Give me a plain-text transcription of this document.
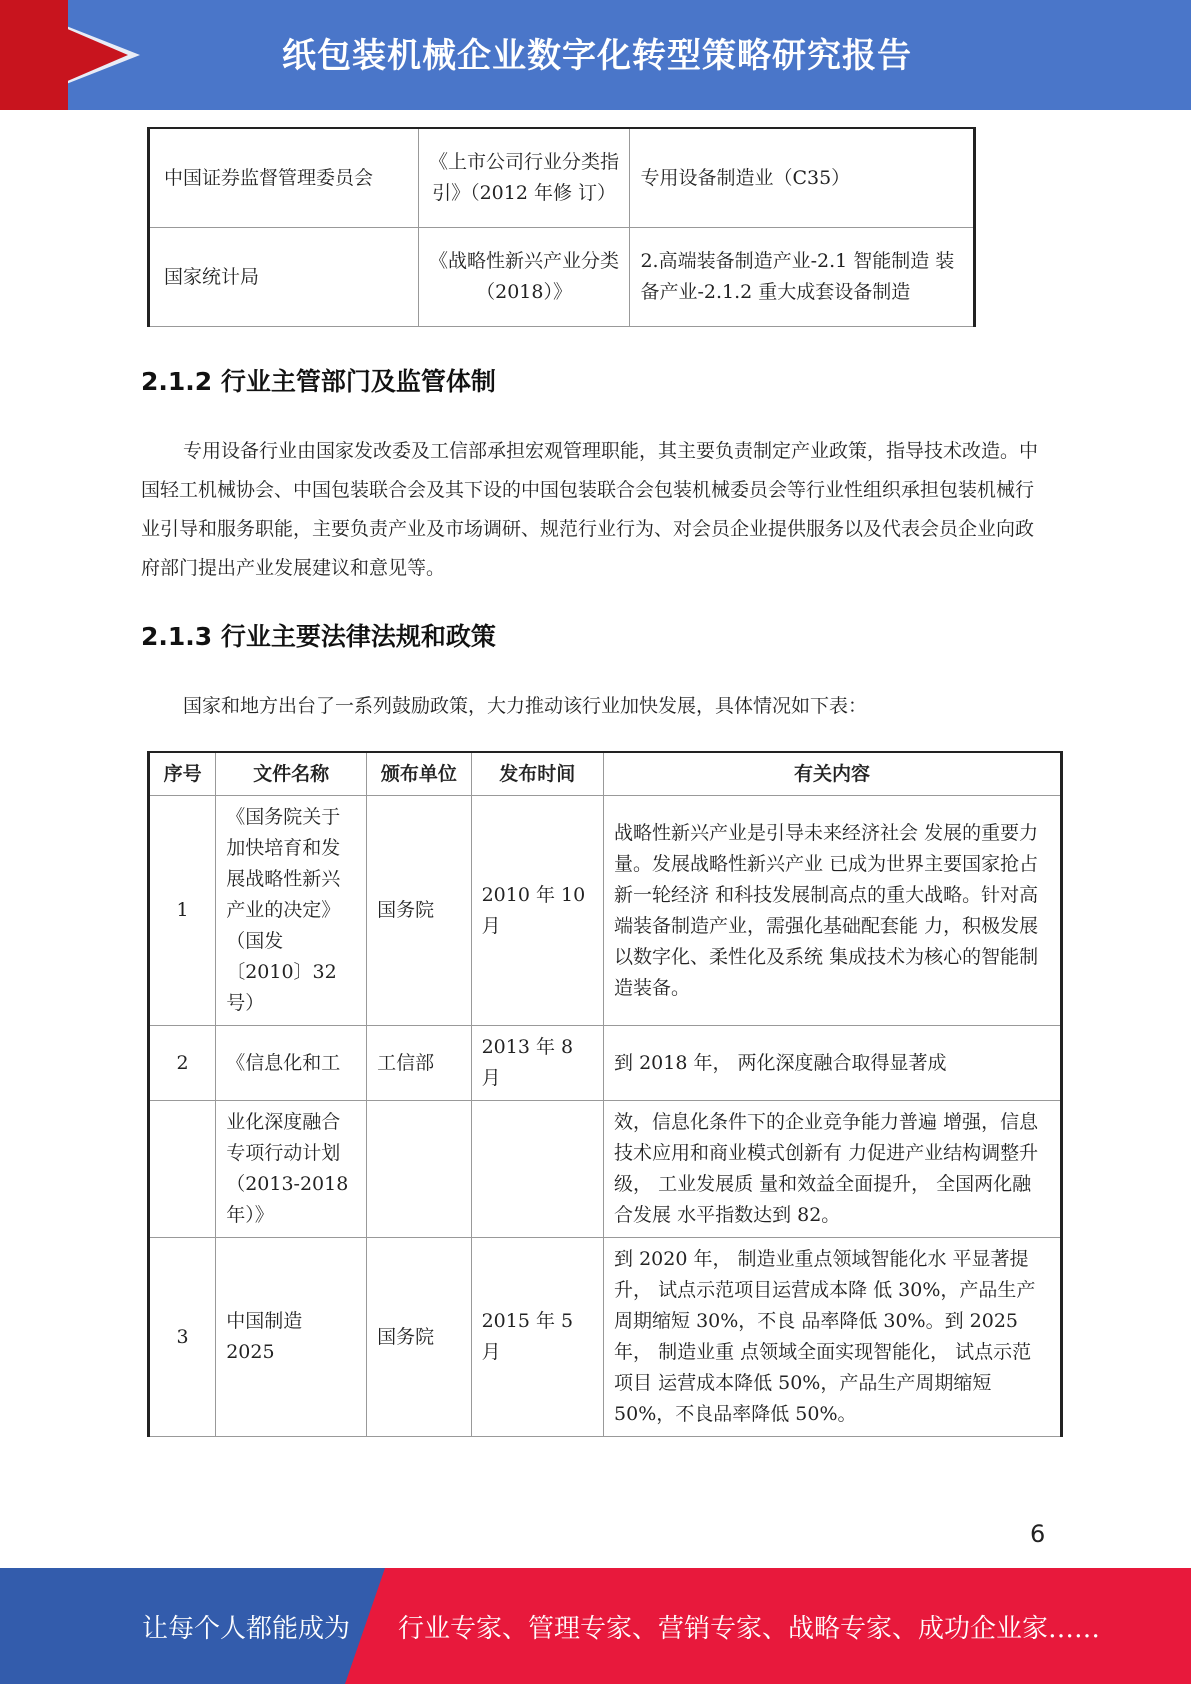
纸包装机械企业数字化转型策略研究报告
中国证券监督管理委员会	《上市公司行业分类指引》（2012 年修 订）	专用设备制造业（C35）
国家统计局	《战略性新兴产业分类（2018）》	2.高端装备制造产业-2.1 智能制造 装备产业-2.1.2 重大成套设备制造
2.1.2 行业主管部门及监管体制
专用设备行业由国家发改委及工信部承担宏观管理职能，其主要负责制定产业政策，指导技术改造。中国轻工机械协会、中国包装联合会及其下设的中国包装联合会包装机械委员会等行业性组织承担包装机械行业引导和服务职能，主要负责产业及市场调研、规范行业行为、对会员企业提供服务以及代表会员企业向政府部门提出产业发展建议和意见等。
2.1.3 行业主要法律法规和政策
国家和地方出台了一系列鼓励政策，大力推动该行业加快发展，具体情况如下表：
序号	文件名称	颁布单位	发布时间	有关内容
1	《国务院关于加快培育和发展战略性新兴产业的决定》（国发〔2010〕32 号）	国务院	2010 年 10 月	战略性新兴产业是引导未来经济社会 发展的重要力量。发展战略性新兴产业 已成为世界主要国家抢占新一轮经济 和科技发展制高点的重大战略。针对高 端装备制造产业，需强化基础配套能 力，积极发展以数字化、柔性化及系统 集成技术为核心的智能制造装备。
2	《信息化和工	工信部	2013 年 8 月	到 2018 年， 两化深度融合取得显著成
	业化深度融合专项行动计划（2013-2018 年）》			效，信息化条件下的企业竞争能力普遍 增强，信息技术应用和商业模式创新有 力促进产业结构调整升级， 工业发展质 量和效益全面提升， 全国两化融合发展 水平指数达到 82。
3	中国制造 2025	国务院	2015 年 5 月	到 2020 年， 制造业重点领域智能化水 平显著提升， 试点示范项目运营成本降 低 30%，产品生产周期缩短 30%，不良 品率降低 30%。到 2025 年， 制造业重 点领域全面实现智能化， 试点示范项目 运营成本降低 50%，产品生产周期缩短 50%，不良品率降低 50%。
6
让每个人都能成为 行业专家、管理专家、营销专家、战略专家、成功企业家……
